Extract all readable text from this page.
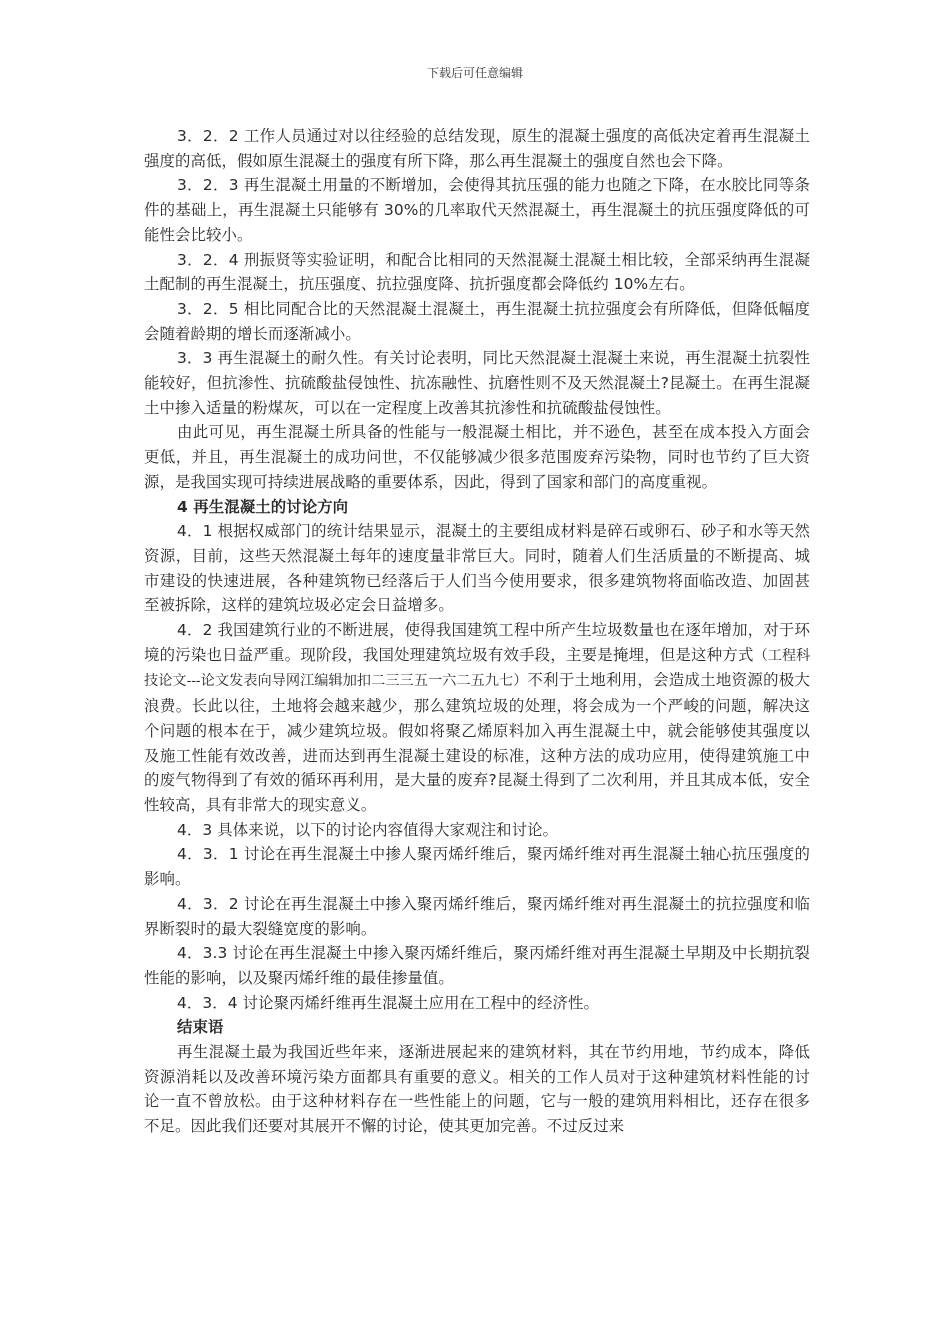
下载后可任意编辑

3．2．2 工作人员通过对以往经验的总结发现，原生的混凝土强度的高低决定着再生混凝土强度的高低，假如原生混凝土的强度有所下降，那么再生混凝土的强度自然也会下降。

3．2．3 再生混凝土用量的不断增加，会使得其抗压强的能力也随之下降，在水胶比同等条件的基础上，再生混凝土只能够有 30%的几率取代天然混凝土，再生混凝土的抗压强度降低的可能性会比较小。

3．2．4 刑振贤等实验证明，和配合比相同的天然混凝土混凝土相比较，全部采纳再生混凝土配制的再生混凝土，抗压强度、抗拉强度降、抗折强度都会降低约 10%左右。

3．2．5 相比同配合比的天然混凝土混凝土，再生混凝土抗拉强度会有所降低，但降低幅度会随着龄期的增长而逐渐减小。

3．3 再生混凝土的耐久性。有关讨论表明，同比天然混凝土混凝土来说，再生混凝土抗裂性能较好，但抗渗性、抗硫酸盐侵蚀性、抗冻融性、抗磨性则不及天然混凝土?昆凝土。在再生混凝土中掺入适量的粉煤灰，可以在一定程度上改善其抗渗性和抗硫酸盐侵蚀性。

由此可见，再生混凝土所具备的性能与一般混凝土相比，并不逊色，甚至在成本投入方面会更低，并且，再生混凝土的成功问世，不仅能够减少很多范围废弃污染物，同时也节约了巨大资源，是我国实现可持续进展战略的重要体系，因此，得到了国家和部门的高度重视。

4 再生混凝土的讨论方向

4．1 根据权威部门的统计结果显示，混凝土的主要组成材料是碎石或卵石、砂子和水等天然资源，目前，这些天然混凝土每年的速度量非常巨大。同时，随着人们生活质量的不断提高、城市建设的快速进展，各种建筑物已经落后于人们当今使用要求，很多建筑物将面临改造、加固甚至被拆除，这样的建筑垃圾必定会日益增多。

4．2 我国建筑行业的不断进展，使得我国建筑工程中所产生垃圾数量也在逐年增加，对于环境的污染也日益严重。现阶段，我国处理建筑垃圾有效手段，主要是掩埋，但是这种方式（工程科技论文---论文发表向导网江编辑加扣二三三五一六二五九七）不利于土地利用，会造成土地资源的极大浪费。长此以往，土地将会越来越少，那么建筑垃圾的处理，将会成为一个严峻的问题，解决这个问题的根本在于，减少建筑垃圾。假如将聚乙烯原料加入再生混凝土中，就会能够使其强度以及施工性能有效改善，进而达到再生混凝土建设的标准，这种方法的成功应用，使得建筑施工中的废气物得到了有效的循环再利用，是大量的废弃?昆凝土得到了二次利用，并且其成本低，安全性较高，具有非常大的现实意义。

4．3 具体来说，以下的讨论内容值得大家观注和讨论。

4．3．1 讨论在再生混凝土中掺人聚丙烯纤维后，聚丙烯纤维对再生混凝土轴心抗压强度的影响。

4．3．2 讨论在再生混凝土中掺入聚丙烯纤维后，聚丙烯纤维对再生混凝土的抗拉强度和临界断裂时的最大裂缝宽度的影响。

4．3.3 讨论在再生混凝土中掺入聚丙烯纤维后，聚丙烯纤维对再生混凝土早期及中长期抗裂性能的影响，以及聚丙烯纤维的最佳掺量值。

4．3．4 讨论聚丙烯纤维再生混凝土应用在工程中的经济性。

结束语

再生混凝土最为我国近些年来，逐渐进展起来的建筑材料，其在节约用地，节约成本，降低资源消耗以及改善环境污染方面都具有重要的意义。相关的工作人员对于这种建筑材料性能的讨论一直不曾放松。由于这种材料存在一些性能上的问题，它与一般的建筑用料相比，还存在很多不足。因此我们还要对其展开不懈的讨论，使其更加完善。不过反过来
